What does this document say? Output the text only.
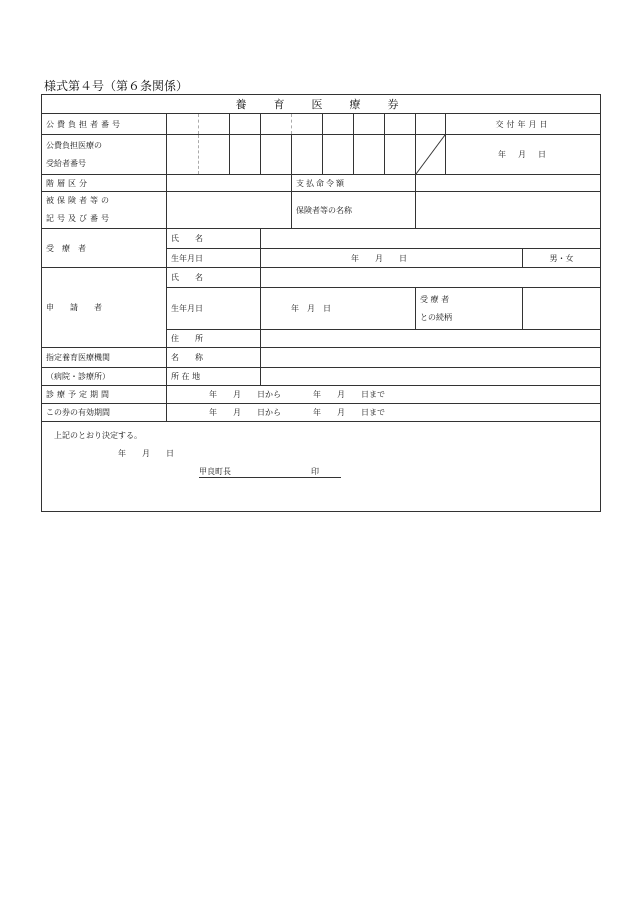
様式第４号（第６条関係）
養　育　医　療　券											
公費負担者番号										交付年月日	

公費負担医療の
受給者番号										年　月　日	
階層区分					支払命令額						

被保険者等の
記号及び番号					保険者等の名称						
受　療　者	氏　　名										
	生年月日			年　　月　　日							男・女
申　　請　　者	氏　　名										
	生年月日			年　月　日					受 療 者
との続柄		

	住　　所										
指定養育医療機関	名　　称										
（病院・診療所）	所 在 地										
診療予定期間	年　　月　　日から　　　　年　　月　　日まで										
この券の有効期間	年　　月　　日から　　　　年　　月　　日まで										

上記のとおり決定する。
年　　月　　日
甲良町長 印											
